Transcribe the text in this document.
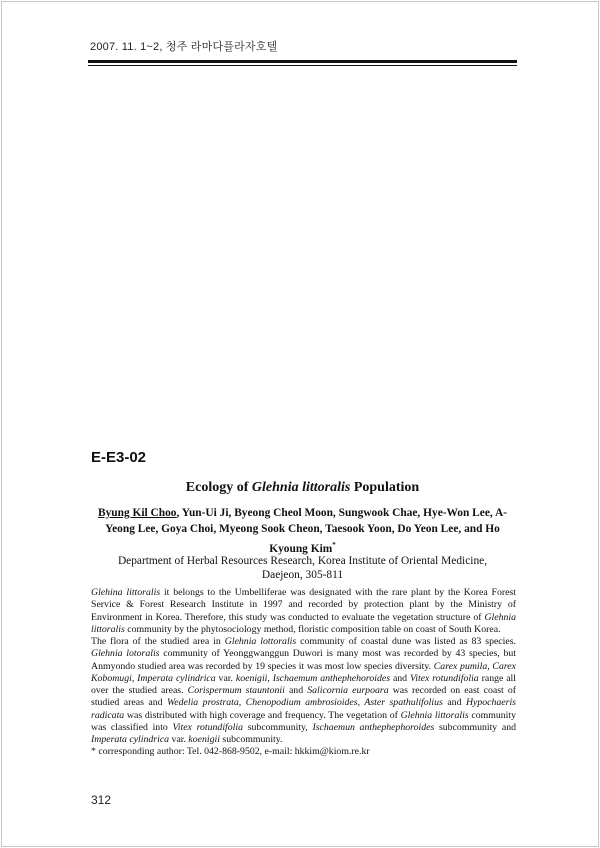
2007. 11. 1~2, 청주 라마다플라자호텔
E-E3-02
Ecology of Glehnia littoralis Population
Byung Kil Choo, Yun-Ui Ji, Byeong Cheol Moon, Sungwook Chae, Hye-Won Lee, A-Yeong Lee, Goya Choi, Myeong Sook Cheon, Taesook Yoon, Do Yeon Lee, and Ho Kyoung Kim*
Department of Herbal Resources Research, Korea Institute of Oriental Medicine,
Daejeon, 305-811

Glehina littoralis it belongs to the Umbelliferae was designated with the rare plant by the Korea Forest Service & Forest Research Institute in 1997 and recorded by protection plant by the Ministry of Environment in Korea. Therefore, this study was conducted to evaluate the vegetation structure of Glehnia littoralis community by the phytosociology method, floristic composition table on coast of South Korea.

The flora of the studied area in Glehnia lottoralis community of coastal dune was listed as 83 species. Glehnia lotoralis community of Yeonggwanggun Duwori is many most was recorded by 43 species, but Anmyondo studied area was recorded by 19 species it was most low species diversity. Carex pumila, Carex Kobomugi, Imperata cylindrica var. koenigii, Ischaemum anthephehoroides and Vitex rotundifolia range all over the studied areas. Corispermum stauntonii and Salicornia eurpoara was recorded on east coast of studied areas and Wedelia prostrata, Chenopodium ambrosioides, Aster spathulifolius and Hypochaeris radicata was distributed with high coverage and frequency. The vegetation of Glehnia littoralis community was classified into Vitex rotundifolia subcommunity, Ischaemun anthephephoroides subcommunity and Imperata cylindrica var. koenigii subcommunity.

* corresponding author: Tel. 042-868-9502, e-mail: hkkim@kiom.re.kr

312
